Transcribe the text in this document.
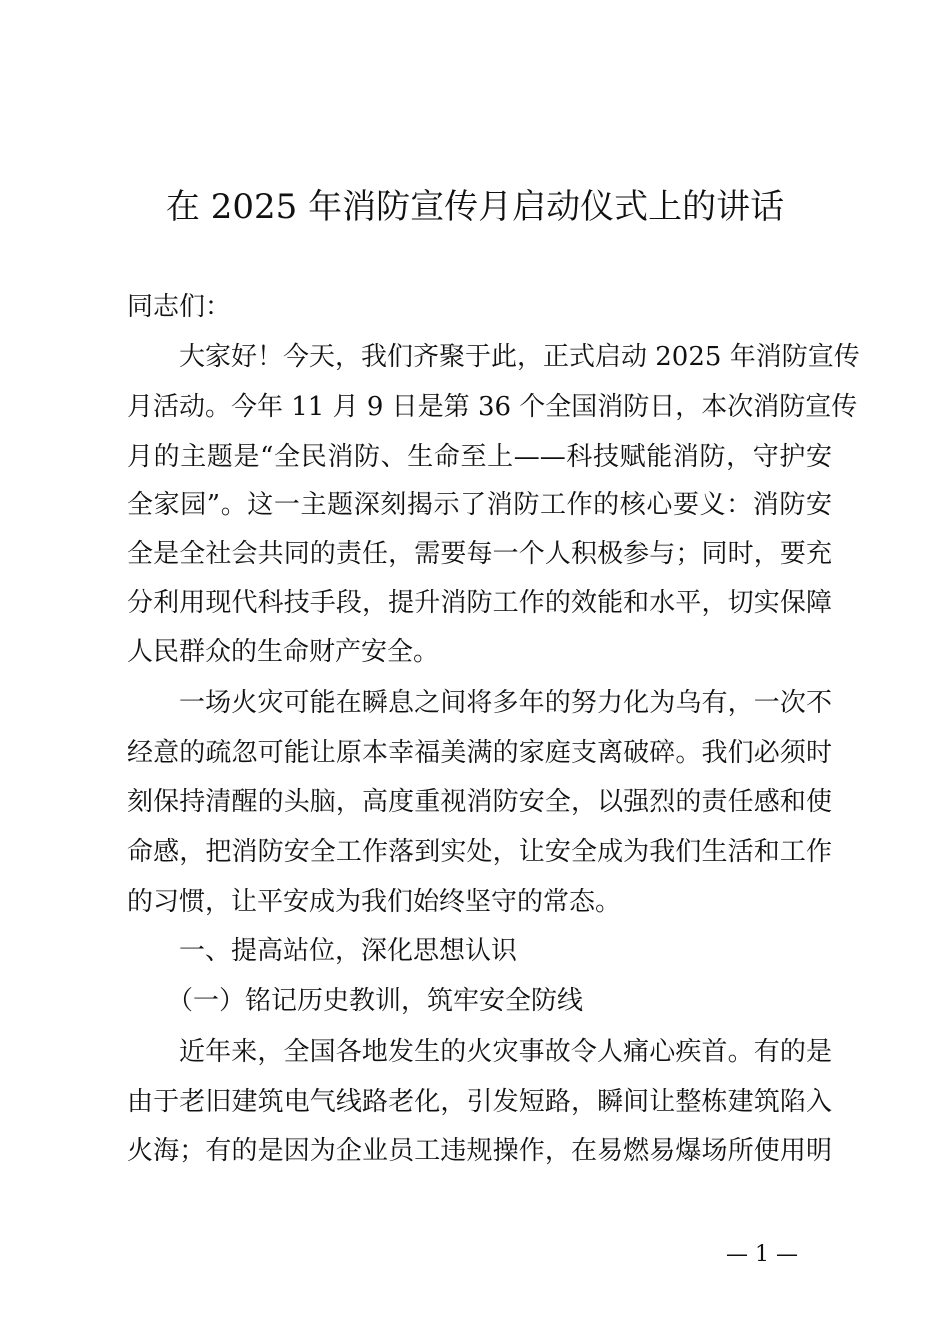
在 2025 年消防宣传月启动仪式上的讲话
同志们：
大家好！今天，我们齐聚于此，正式启动 2025 年消防宣传
月活动。今年 11 月 9 日是第 36 个全国消防日，本次消防宣传
月的主题是“全民消防、生命至上——科技赋能消防，守护安
全家园”。这一主题深刻揭示了消防工作的核心要义：消防安
全是全社会共同的责任，需要每一个人积极参与；同时，要充
分利用现代科技手段，提升消防工作的效能和水平，切实保障
人民群众的生命财产安全。
一场火灾可能在瞬息之间将多年的努力化为乌有，一次不
经意的疏忽可能让原本幸福美满的家庭支离破碎。我们必须时
刻保持清醒的头脑，高度重视消防安全，以强烈的责任感和使
命感，把消防安全工作落到实处，让安全成为我们生活和工作
的习惯，让平安成为我们始终坚守的常态。
一、提高站位，深化思想认识
（一）铭记历史教训，筑牢安全防线
近年来，全国各地发生的火灾事故令人痛心疾首。有的是
由于老旧建筑电气线路老化，引发短路，瞬间让整栋建筑陷入
火海；有的是因为企业员工违规操作，在易燃易爆场所使用明
— 1 —
